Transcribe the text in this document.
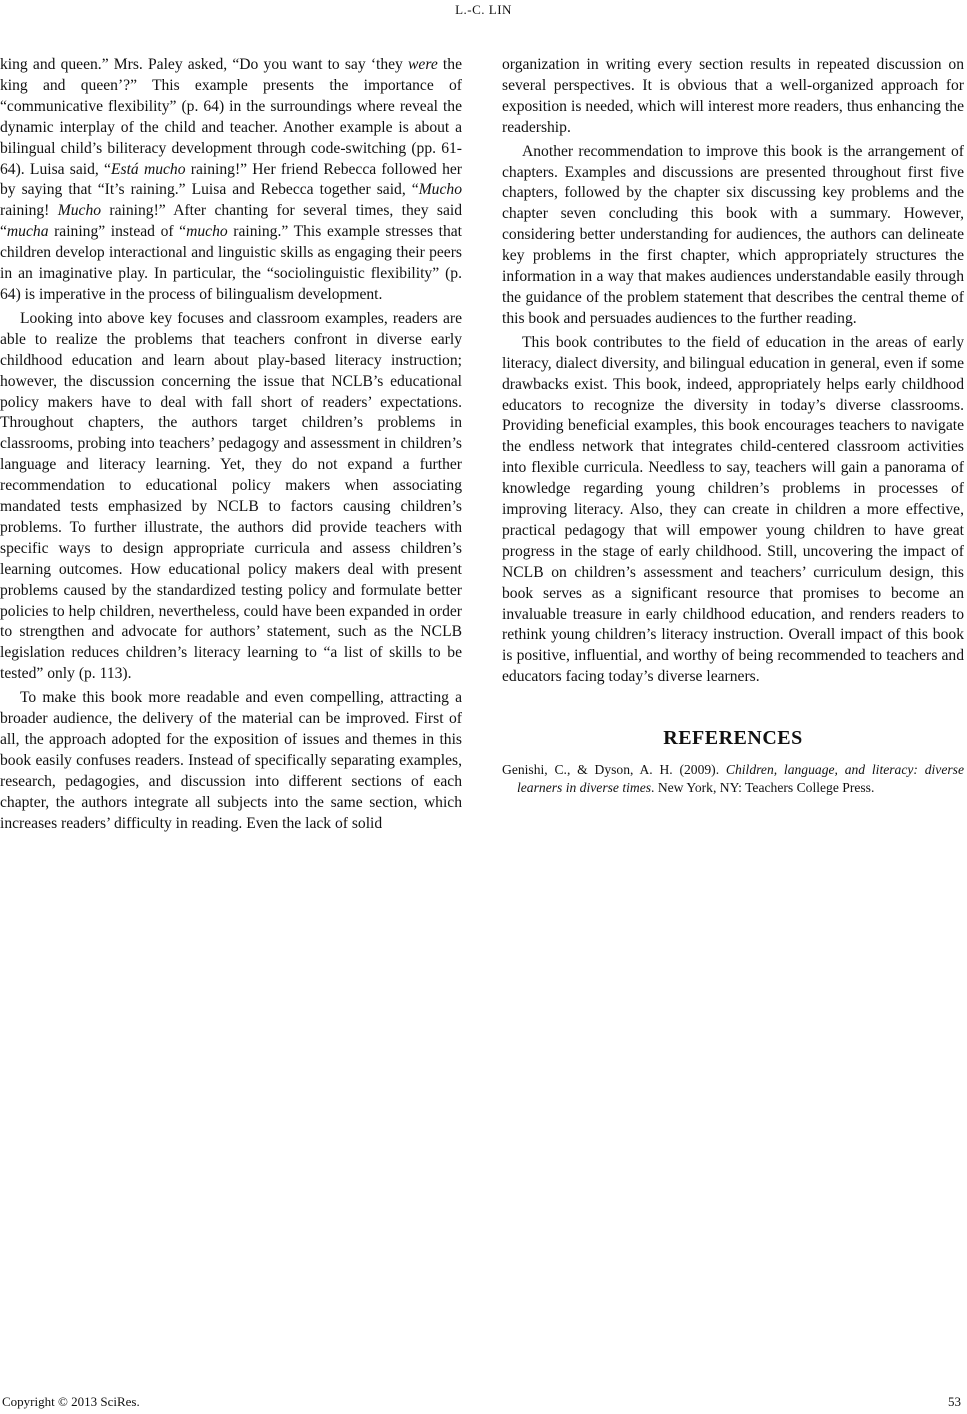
L.-C. LIN

king and queen.” Mrs. Paley asked, “Do you want to say ‘they were the king and queen’?” This example presents the importance of “communicative flexibility” (p. 64) in the surroundings where reveal the dynamic interplay of the child and teacher. Another example is about a bilingual child’s biliteracy development through code-switching (pp. 61-64). Luisa said, “Está mucho raining!” Her friend Rebecca followed her by saying that “It’s raining.” Luisa and Rebecca together said, “Mucho raining! Mucho raining!” After chanting for several times, they said “mucha raining” instead of “mucho raining.” This example stresses that children develop interactional and linguistic skills as engaging their peers in an imaginative play. In particular, the “sociolinguistic flexibility” (p. 64) is imperative in the process of bilingualism development.

Looking into above key focuses and classroom examples, readers are able to realize the problems that teachers confront in diverse early childhood education and learn about play-based literacy instruction; however, the discussion concerning the issue that NCLB’s educational policy makers have to deal with fall short of readers’ expectations. Throughout chapters, the authors target children’s problems in classrooms, probing into teachers’ pedagogy and assessment in children’s language and literacy learning. Yet, they do not expand a further recommendation to educational policy makers when associating mandated tests emphasized by NCLB to factors causing children’s problems. To further illustrate, the authors did provide teachers with specific ways to design appropriate curricula and assess children’s learning outcomes. How educational policy makers deal with present problems caused by the standardized testing policy and formulate better policies to help children, nevertheless, could have been expanded in order to strengthen and advocate for authors’ statement, such as the NCLB legislation reduces children’s literacy learning to “a list of skills to be tested” only (p. 113).

To make this book more readable and even compelling, attracting a broader audience, the delivery of the material can be improved. First of all, the approach adopted for the exposition of issues and themes in this book easily confuses readers. Instead of specifically separating examples, research, pedagogies, and discussion into different sections of each chapter, the authors integrate all subjects into the same section, which increases readers’ difficulty in reading. Even the lack of solid

organization in writing every section results in repeated discussion on several perspectives. It is obvious that a well-organized approach for exposition is needed, which will interest more readers, thus enhancing the readership.

Another recommendation to improve this book is the arrangement of chapters. Examples and discussions are presented throughout first five chapters, followed by the chapter six discussing key problems and the chapter seven concluding this book with a summary. However, considering better understanding for audiences, the authors can delineate key problems in the first chapter, which appropriately structures the information in a way that makes audiences understandable easily through the guidance of the problem statement that describes the central theme of this book and persuades audiences to the further reading.

This book contributes to the field of education in the areas of early literacy, dialect diversity, and bilingual education in general, even if some drawbacks exist. This book, indeed, appropriately helps early childhood educators to recognize the diversity in today’s diverse classrooms. Providing beneficial examples, this book encourages teachers to navigate the endless network that integrates child-centered classroom activities into flexible curricula. Needless to say, teachers will gain a panorama of knowledge regarding young children’s problems in processes of improving literacy. Also, they can create in children a more effective, practical pedagogy that will empower young children to have great progress in the stage of early childhood. Still, uncovering the impact of NCLB on children’s assessment and teachers’ curriculum design, this book serves as a significant resource that promises to become an invaluable treasure in early childhood education, and renders readers to rethink young children’s literacy instruction. Overall impact of this book is positive, influential, and worthy of being recommended to teachers and educators facing today’s diverse learners.

REFERENCES
Genishi, C., & Dyson, A. H. (2009). Children, language, and literacy: diverse learners in diverse times. New York, NY: Teachers College Press.
Copyright © 2013 SciRes.	53
